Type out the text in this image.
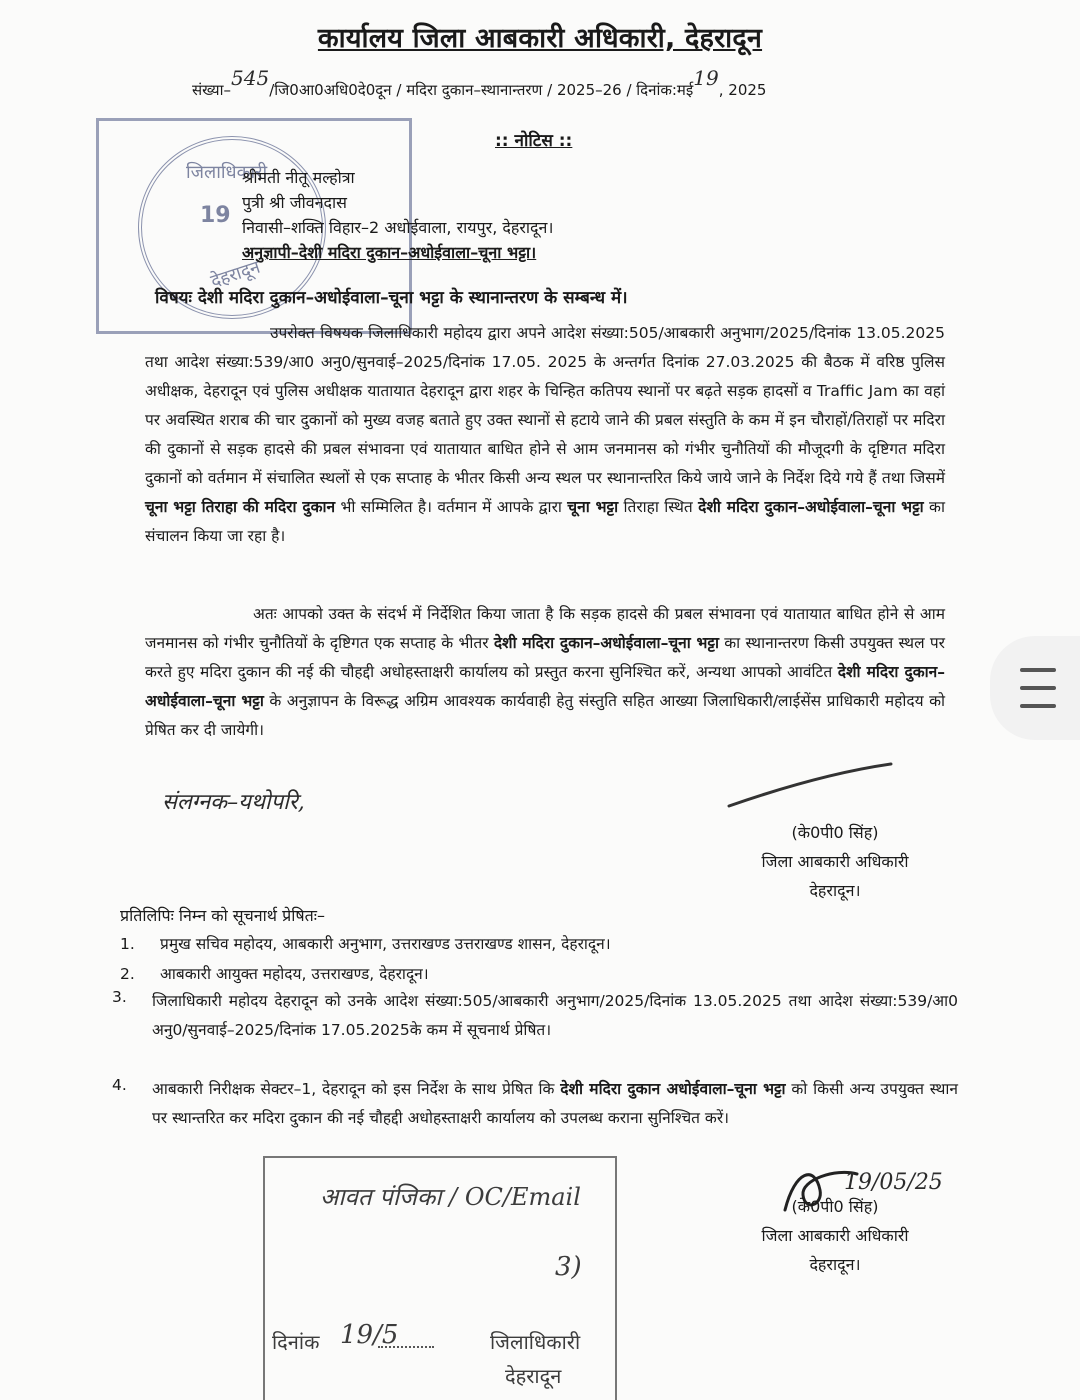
जिलाधिकारी
19
देहरादून
कार्यालय जिला आबकारी अधिकारी, देहरादून
संख्या–545/जि0आ0अधि0दे0दून / मदिरा दुकान–स्थानान्तरण / 2025–26 / दिनांक:मई19, 2025
:: नोटिस ::
श्रीमती नीतू मल्होत्रा
पुत्री श्री जीवनदास
निवासी–शक्ति विहार–2 अधोईवाला, रायपुर, देहरादून।
अनुज्ञापी–देशी मदिरा दुकान–अधोईवाला–चूना भट्टा।
विषयः देशी मदिरा दुकान–अधोईवाला–चूना भट्टा के स्थानान्तरण के सम्बन्ध में।
उपरोक्त विषयक जिलाधिकारी महोदय द्वारा अपने आदेश संख्या:505/आबकारी अनुभाग/2025/दिनांक 13.05.2025 तथा आदेश संख्या:539/आ0 अनु0/सुनवाई–2025/दिनांक 17.05. 2025 के अन्तर्गत दिनांक 27.03.2025 की बैठक में वरिष्ठ पुलिस अधीक्षक, देहरादून एवं पुलिस अधीक्षक यातायात देहरादून द्वारा शहर के चिन्हित कतिपय स्थानों पर बढ़ते सड़क हादसों व Traffic Jam का वहां पर अवस्थित शराब की चार दुकानों को मुख्य वजह बताते हुए उक्त स्थानों से हटाये जाने की प्रबल संस्तुति के कम में इन चौराहों/तिराहों पर मदिरा की दुकानों से सड़क हादसे की प्रबल संभावना एवं यातायात बाधित होने से आम जनमानस को गंभीर चुनौतियों की मौजूदगी के दृष्टिगत मदिरा दुकानों को वर्तमान में संचालित स्थलों से एक सप्ताह के भीतर किसी अन्य स्थल पर स्थानान्तरित किये जाये जाने के निर्देश दिये गये हैं तथा जिसमें चूना भट्टा तिराहा की मदिरा दुकान भी सम्मिलित है। वर्तमान में आपके द्वारा चूना भट्टा तिराहा स्थित देशी मदिरा दुकान–अधोईवाला–चूना भट्टा का संचालन किया जा रहा है।
अतः आपको उक्त के संदर्भ में निर्देशित किया जाता है कि सड़क हादसे की प्रबल संभावना एवं यातायात बाधित होने से आम जनमानस को गंभीर चुनौतियों के दृष्टिगत एक सप्ताह के भीतर देशी मदिरा दुकान–अधोईवाला–चूना भट्टा का स्थानान्तरण किसी उपयुक्त स्थल पर करते हुए मदिरा दुकान की नई की चौहद्दी अधोहस्ताक्षरी कार्यालय को प्रस्तुत करना सुनिश्चित करें, अन्यथा आपको आवंटित देशी मदिरा दुकान–अधोईवाला–चूना भट्टा के अनुज्ञापन के विरूद्ध अग्रिम आवश्यक कार्यवाही हेतु संस्तुति सहित आख्या जिलाधिकारी/लाईसेंस प्राधिकारी महोदय को प्रेषित कर दी जायेगी।
संलग्नक–यथोपरि,
(के0पी0 सिंह)
जिला आबकारी अधिकारी
देहरादून।
प्रतिलिपिः निम्न को सूचनार्थ प्रेषितः–
1. प्रमुख सचिव महोदय, आबकारी अनुभाग, उत्तराखण्ड उत्तराखण्ड शासन, देहरादून।
2. आबकारी आयुक्त महोदय, उत्तराखण्ड, देहरादून।
3. जिलाधिकारी महोदय देहरादून को उनके आदेश संख्या:505/आबकारी अनुभाग/2025/दिनांक 13.05.2025 तथा आदेश संख्या:539/आ0 अनु0/सुनवाई–2025/दिनांक 17.05.2025के कम में सूचनार्थ प्रेषित।
4. आबकारी निरीक्षक सेक्टर–1, देहरादून को इस निर्देश के साथ प्रेषित कि देशी मदिरा दुकान अधोईवाला–चूना भट्टा को किसी अन्य उपयुक्त स्थान पर स्थान्तरित कर मदिरा दुकान की नई चौहद्दी अधोहस्ताक्षरी कार्यालय को उपलब्ध कराना सुनिश्चित करें।
आवत पंजिका / OC/Email
3)
दिनांक 19/5	जिलाधिकारी
देहरादून
19/05/25
(के0पी0 सिंह)
जिला आबकारी अधिकारी
देहरादून।
